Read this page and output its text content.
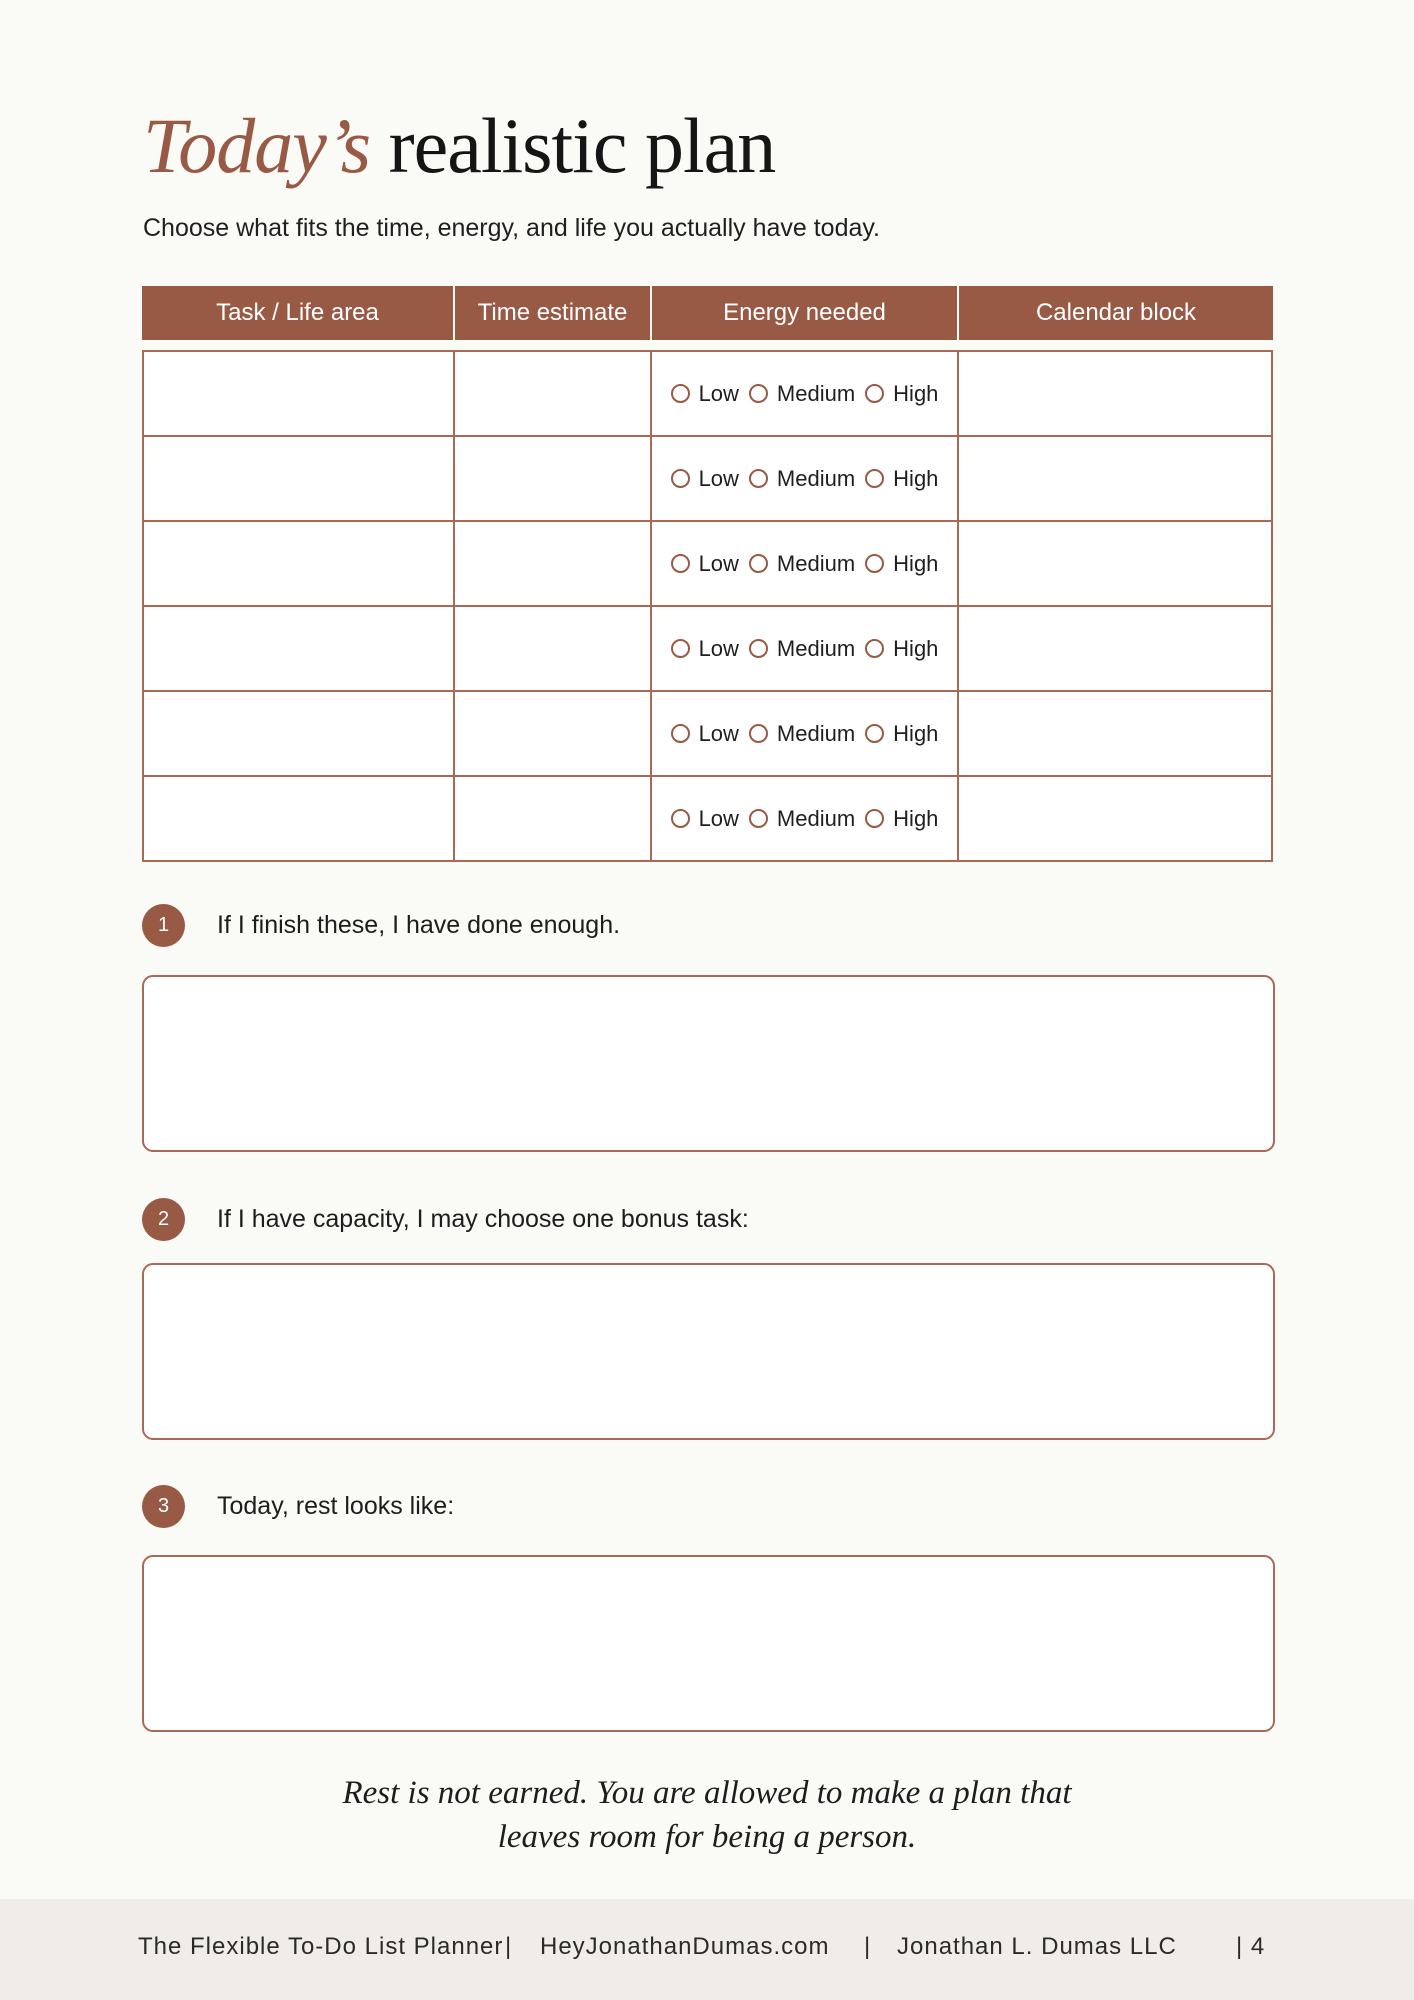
Today’s realistic plan

Choose what fits the time, energy, and life you actually have today.

Task / Life area	Time estimate	Energy needed	Calendar block

		Low Medium High	

		Low Medium High	

		Low Medium High	

		Low Medium High	

		Low Medium High	

		Low Medium High	

1	If I finish these, I have done enough.
2	If I have capacity, I may choose one bonus task:
3	Today, rest looks like:

Rest is not earned. You are allowed to make a plan that
leaves room for being a person.

The Flexible To-Do List Planner | HeyJonathanDumas.com | Jonathan L. Dumas LLC | 4
